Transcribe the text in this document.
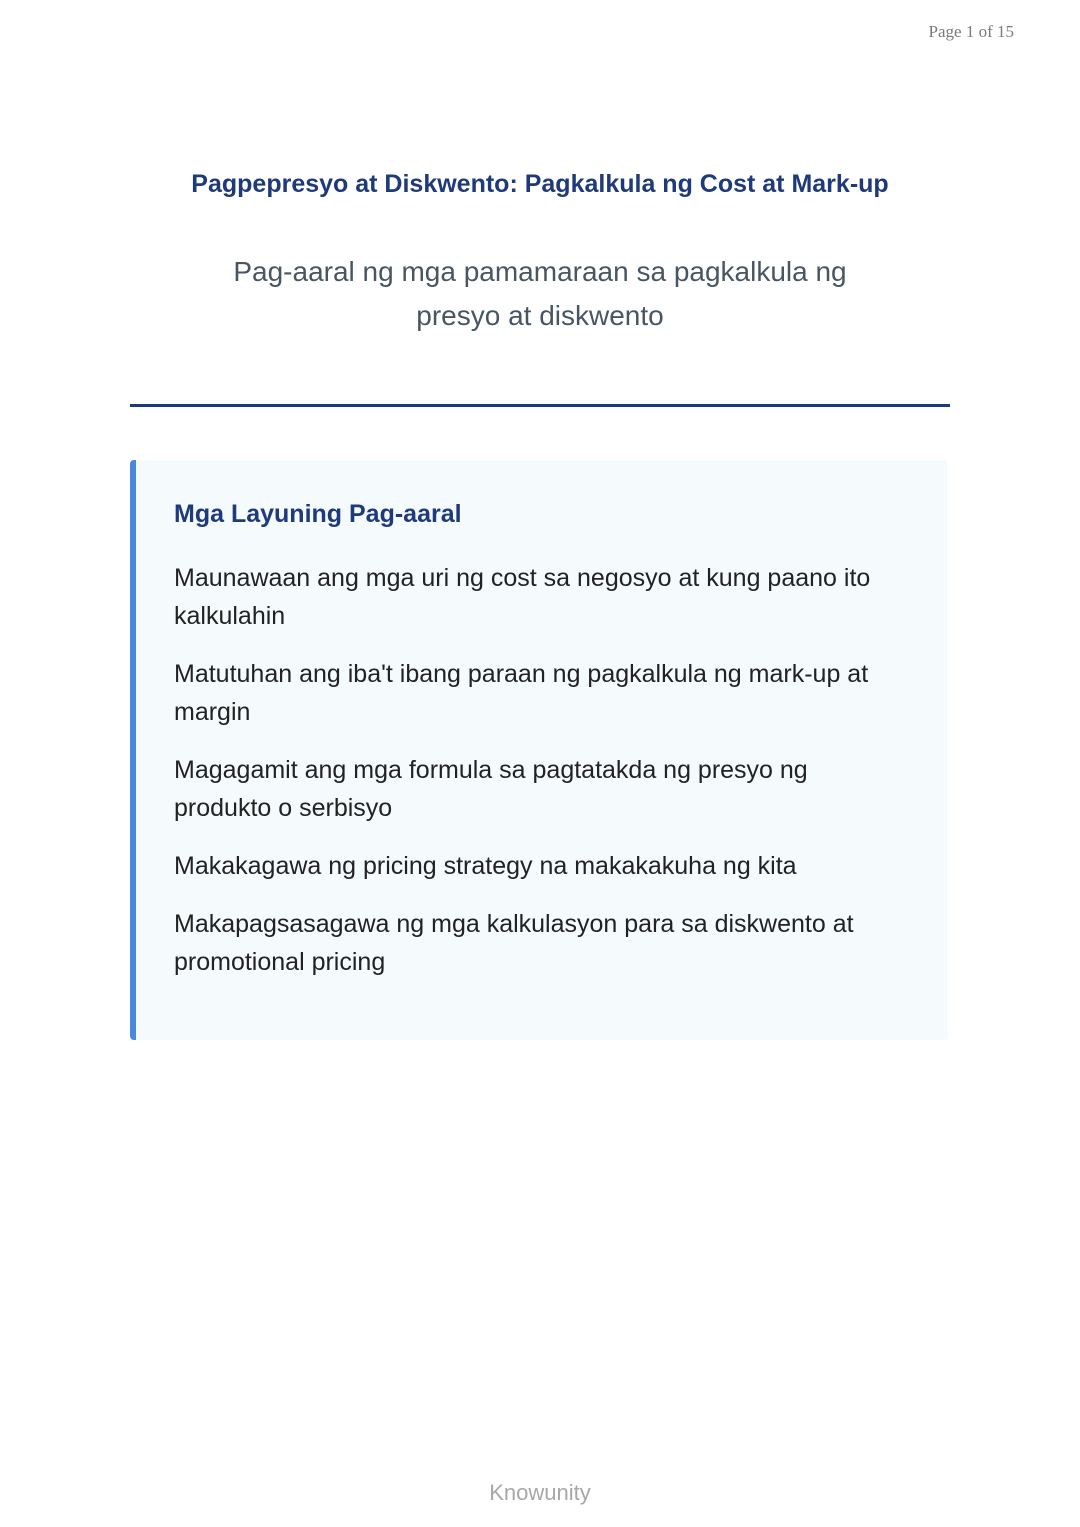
Page 1 of 15
Pagpepresyo at Diskwento: Pagkalkula ng Cost at Mark-up
Pag-aaral ng mga pamamaraan sa pagkalkula ng presyo at diskwento
Mga Layuning Pag-aaral
Maunawaan ang mga uri ng cost sa negosyo at kung paano ito kalkulahin
Matutuhan ang iba't ibang paraan ng pagkalkula ng mark-up at margin
Magagamit ang mga formula sa pagtatakda ng presyo ng produkto o serbisyo
Makakagawa ng pricing strategy na makakakuha ng kita
Makapagsasagawa ng mga kalkulasyon para sa diskwento at promotional pricing
Knowunity
